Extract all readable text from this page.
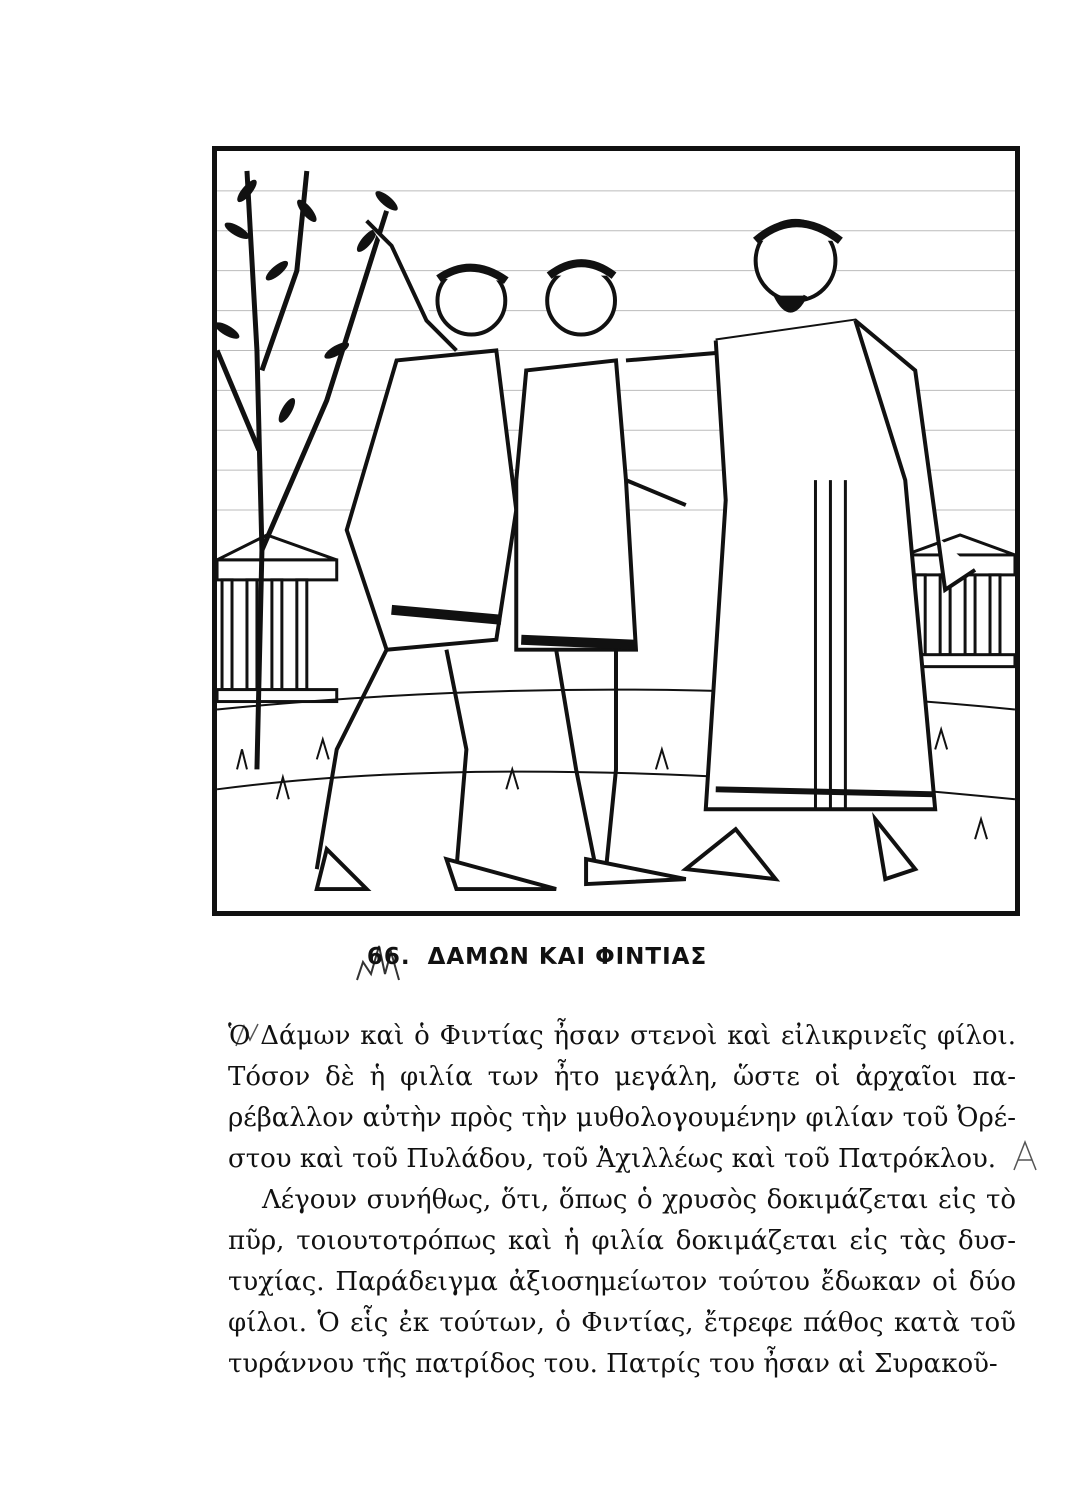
66. ΔΑΜΩΝ ΚΑΙ ΦΙΝΤΙΑΣ

Ὁ Δάμων καὶ ὁ Φιντίας ἦσαν στενοὶ καὶ εἰλικρινεῖς φίλοι. Τόσον δὲ ἡ φιλία των ἦτο μεγάλη, ὥστε οἱ ἀρχαῖοι παρέβαλλον αὐτὴν πρὸς τὴν μυθολογουμένην φιλίαν τοῦ Ὀρέστου καὶ τοῦ Πυλάδου, τοῦ Ἀχιλλέως καὶ τοῦ Πατρόκλου.

Λέγουν συνήθως, ὅτι, ὅπως ὁ χρυσὸς δοκιμάζεται εἰς τὸ πῦρ, τοιουτοτρόπως καὶ ἡ φιλία δοκιμάζεται εἰς τὰς δυστυχίας. Παράδειγμα ἀξιοσημείωτον τούτου ἔδωκαν οἱ δύο φίλοι. Ὁ εἷς ἐκ τούτων, ὁ Φιντίας, ἔτρεφε πάθος κατὰ τοῦ τυράννου τῆς πατρίδος του. Πατρίς του ἦσαν αἱ Συρακοῦ-
